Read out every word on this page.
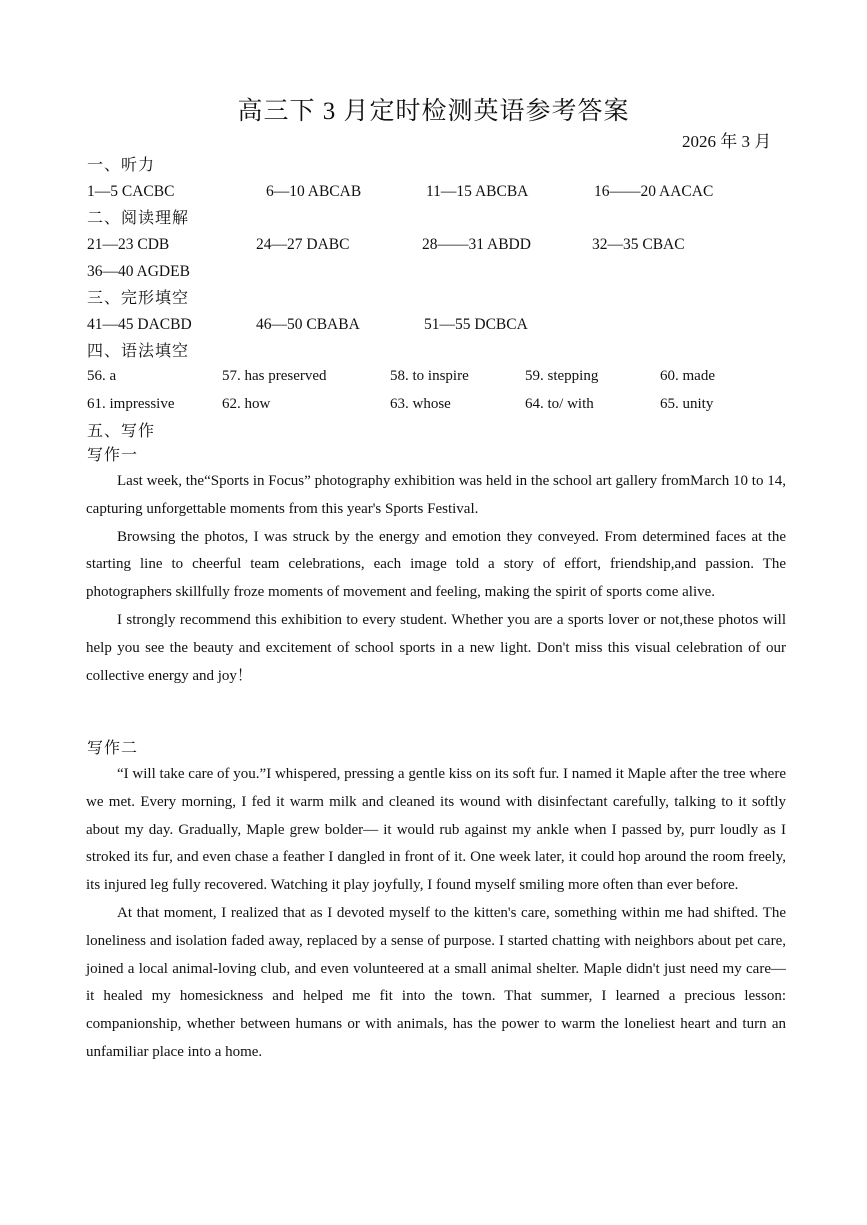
高三下 3 月定时检测英语参考答案
2026 年 3 月
一、听力
1—5 CACBC	6—10 ABCAB	11—15 ABCBA	16——20 AACAC
二、阅读理解
21—23 CDB	24—27 DABC	28——31 ABDD	32—35 CBAC
36—40 AGDEB
三、完形填空
41—45 DACBD	46—50 CBABA	51—55 DCBCA
四、语法填空
56. a	57. has preserved	58. to inspire	59. stepping	60. made
61. impressive	62. how	63. whose	64. to/ with	65. unity
五、写作
写作一

Last week, the“Sports in Focus” photography exhibition was held in the school art gallery fromMarch 10 to 14, capturing unforgettable moments from this year's Sports Festival.

Browsing the photos, I was struck by the energy and emotion they conveyed. From determined faces at the starting line to cheerful team celebrations, each image told a story of effort, friendship,and passion. The photographers skillfully froze moments of movement and feeling, making the spirit of sports come alive.

I strongly recommend this exhibition to every student. Whether you are a sports lover or not,these photos will help you see the beauty and excitement of school sports in a new light. Don't miss this visual celebration of our collective energy and joy！

写作二

“I will take care of you.”I whispered, pressing a gentle kiss on its soft fur. I named it Maple after the tree where we met. Every morning, I fed it warm milk and cleaned its wound with disinfectant carefully, talking to it softly about my day. Gradually, Maple grew bolder— it would rub against my ankle when I passed by, purr loudly as I stroked its fur, and even chase a feather I dangled in front of it. One week later, it could hop around the room freely, its injured leg fully recovered. Watching it play joyfully, I found myself smiling more often than ever before.

At that moment, I realized that as I devoted myself to the kitten's care, something within me had shifted. The loneliness and isolation faded away, replaced by a sense of purpose. I started chatting with neighbors about pet care, joined a local animal-loving club, and even volunteered at a small animal shelter. Maple didn't just need my care— it healed my homesickness and helped me fit into the town. That summer, I learned a precious lesson: companionship, whether between humans or with animals, has the power to warm the loneliest heart and turn an unfamiliar place into a home.
